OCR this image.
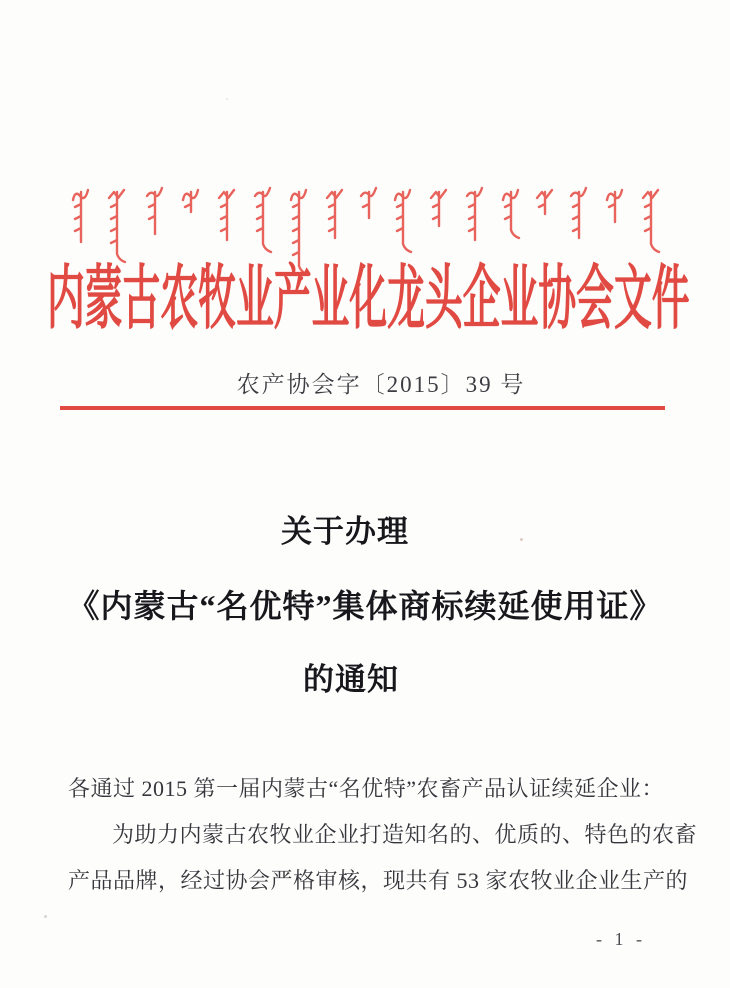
内蒙古农牧业产业化龙头企业协会文件
农产协会字〔2015〕39 号
关于办理
《内蒙古“名优特”集体商标续延使用证》
的通知
各通过 2015 第一届内蒙古“名优特”农畜产品认证续延企业：
为助力内蒙古农牧业企业打造知名的、优质的、特色的农畜
产品品牌，经过协会严格审核，现共有 53 家农牧业企业生产的
- 1 -
